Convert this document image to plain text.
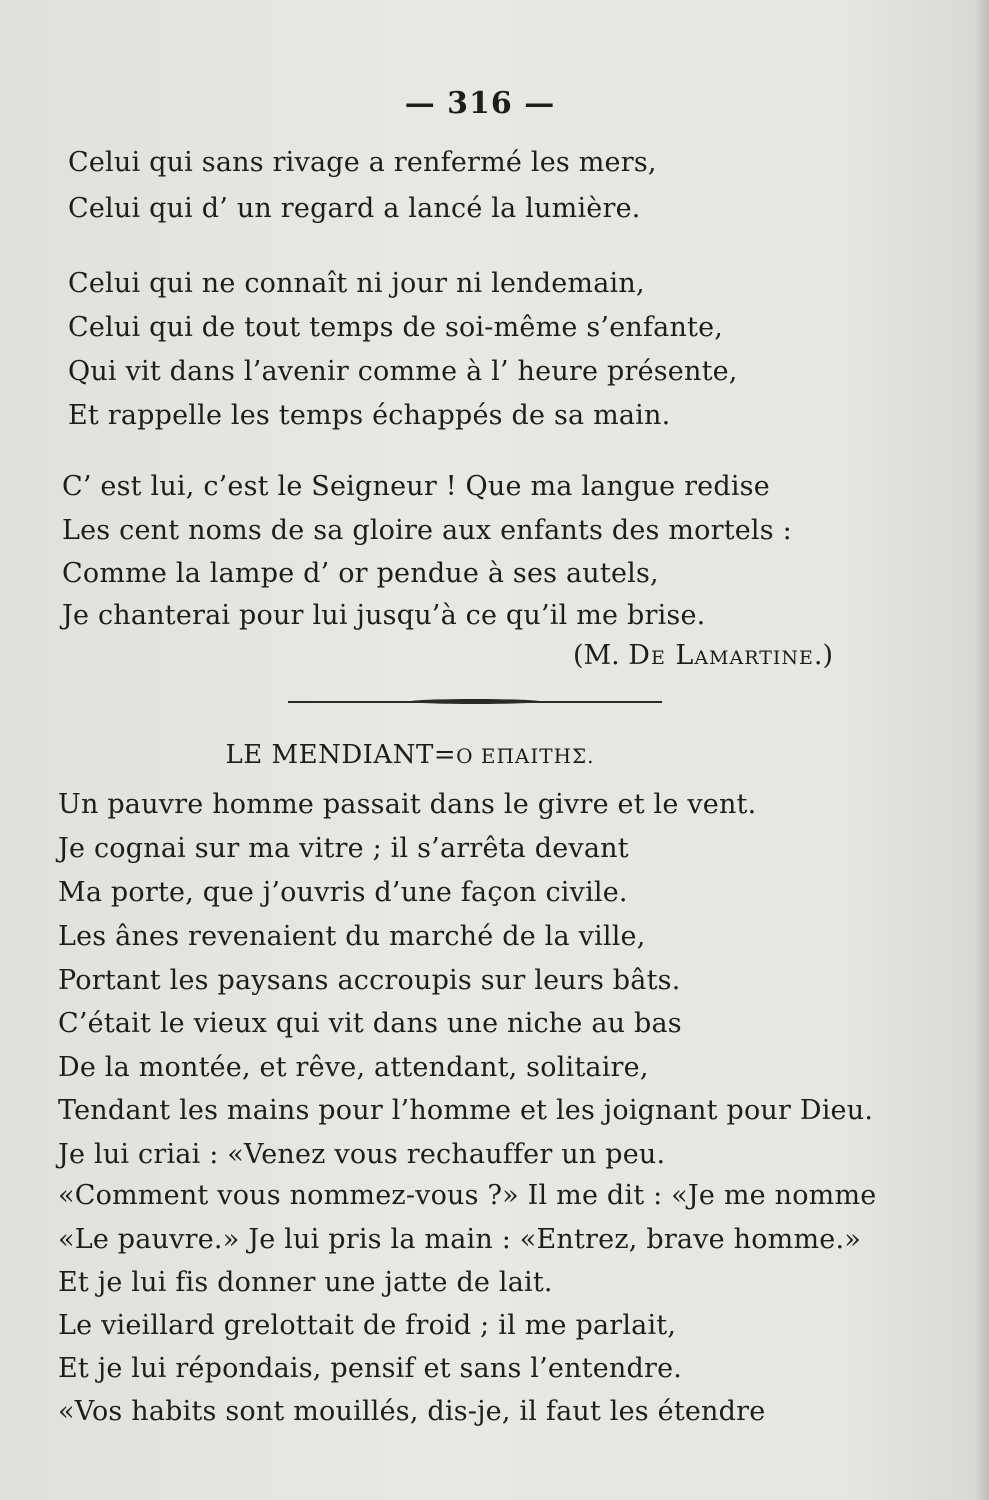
— 316 —
Celui qui sans rivage a renfermé les mers,
Celui qui d’ un regard a lancé la lumière.
Celui qui ne connaît ni jour ni lendemain,
Celui qui de tout temps de soi-même s’enfante,
Qui vit dans l’avenir comme à l’ heure présente,
Et rappelle les temps échappés de sa main.
C’ est lui, c’est le Seigneur ! Que ma langue redise
Les cent noms de sa gloire aux enfants des mortels :
Comme la lampe d’ or pendue à ses autels,
Je chanterai pour lui jusqu’à ce qu’il me brise.
(M. De Lamartine.)
LE MENDIANT=Ο ΕΠΑΙΤΗΣ.
Un pauvre homme passait dans le givre et le vent.
Je cognai sur ma vitre ; il s’arrêta devant
Ma porte, que j’ouvris d’une façon civile.
Les ânes revenaient du marché de la ville,
Portant les paysans accroupis sur leurs bâts.
C’était le vieux qui vit dans une niche au bas
De la montée, et rêve, attendant, solitaire,
Tendant les mains pour l’homme et les joignant pour Dieu.
Je lui criai : «Venez vous rechauffer un peu.
«Comment vous nommez-vous ?» Il me dit : «Je me nomme
«Le pauvre.» Je lui pris la main : «Entrez, brave homme.»
Et je lui fis donner une jatte de lait.
Le vieillard grelottait de froid ; il me parlait,
Et je lui répondais, pensif et sans l’entendre.
«Vos habits sont mouillés, dis-je, il faut les étendre
